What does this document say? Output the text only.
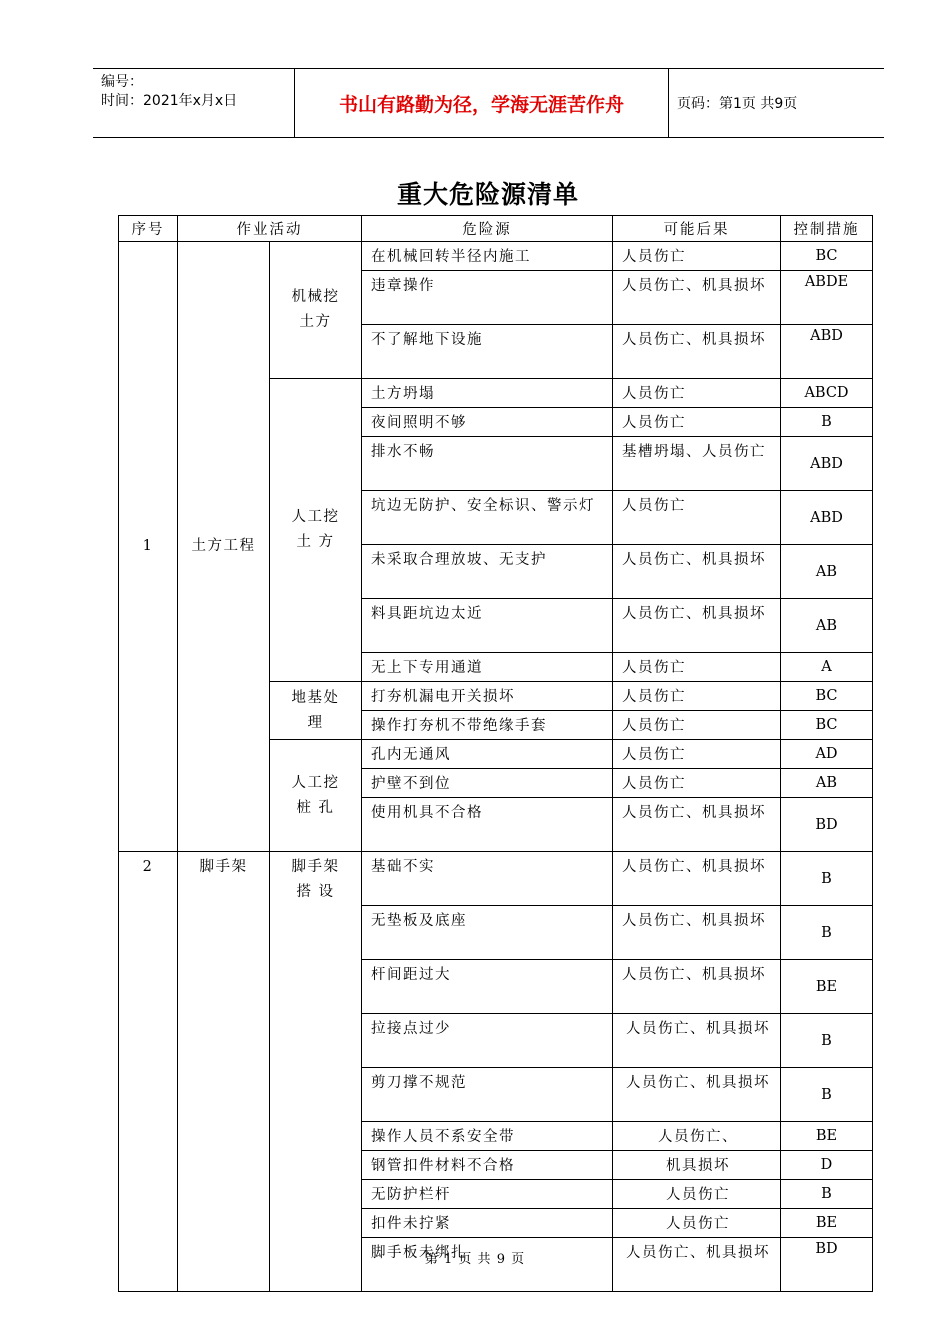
编号：
时间：2021年x月x日	书山有路勤为径，学海无涯苦作舟	页码：第1页 共9页
重大危险源清单
序号	作业活动		危险源	可能后果	控制措施
1	土方工程	机械挖土方	在机械回转半径内施工	人员伤亡	BC
			违章操作	人员伤亡、机具损坏	ABDE
			不了解地下设施	人员伤亡、机具损坏	ABD
		人工挖土 方	土方坍塌	人员伤亡	ABCD
			夜间照明不够	人员伤亡	B
			排水不畅	基槽坍塌、人员伤亡	ABD
			坑边无防护、安全标识、警示灯	人员伤亡	ABD
			未采取合理放坡、无支护	人员伤亡、机具损坏	AB
			料具距坑边太近	人员伤亡、机具损坏	AB
			无上下专用通道	人员伤亡	A
		地基处理	打夯机漏电开关损坏	人员伤亡	BC
			操作打夯机不带绝缘手套	人员伤亡	BC
		人工挖桩 孔	孔内无通风	人员伤亡	AD
			护壁不到位	人员伤亡	AB
			使用机具不合格	人员伤亡、机具损坏	BD
2	脚手架	脚手架搭 设	基础不实	人员伤亡、机具损坏	B
			无垫板及底座	人员伤亡、机具损坏	B
			杆间距过大	人员伤亡、机具损坏	BE
			拉接点过少	人员伤亡、机具损坏	B
			剪刀撑不规范	人员伤亡、机具损坏	B
			操作人员不系安全带	人员伤亡、	BE
			钢管扣件材料不合格	机具损坏	D
			无防护栏杆	人员伤亡	B
			扣件未拧紧	人员伤亡	BE
			脚手板未绑扎	人员伤亡、机具损坏	BD
第 1 页 共 9 页
